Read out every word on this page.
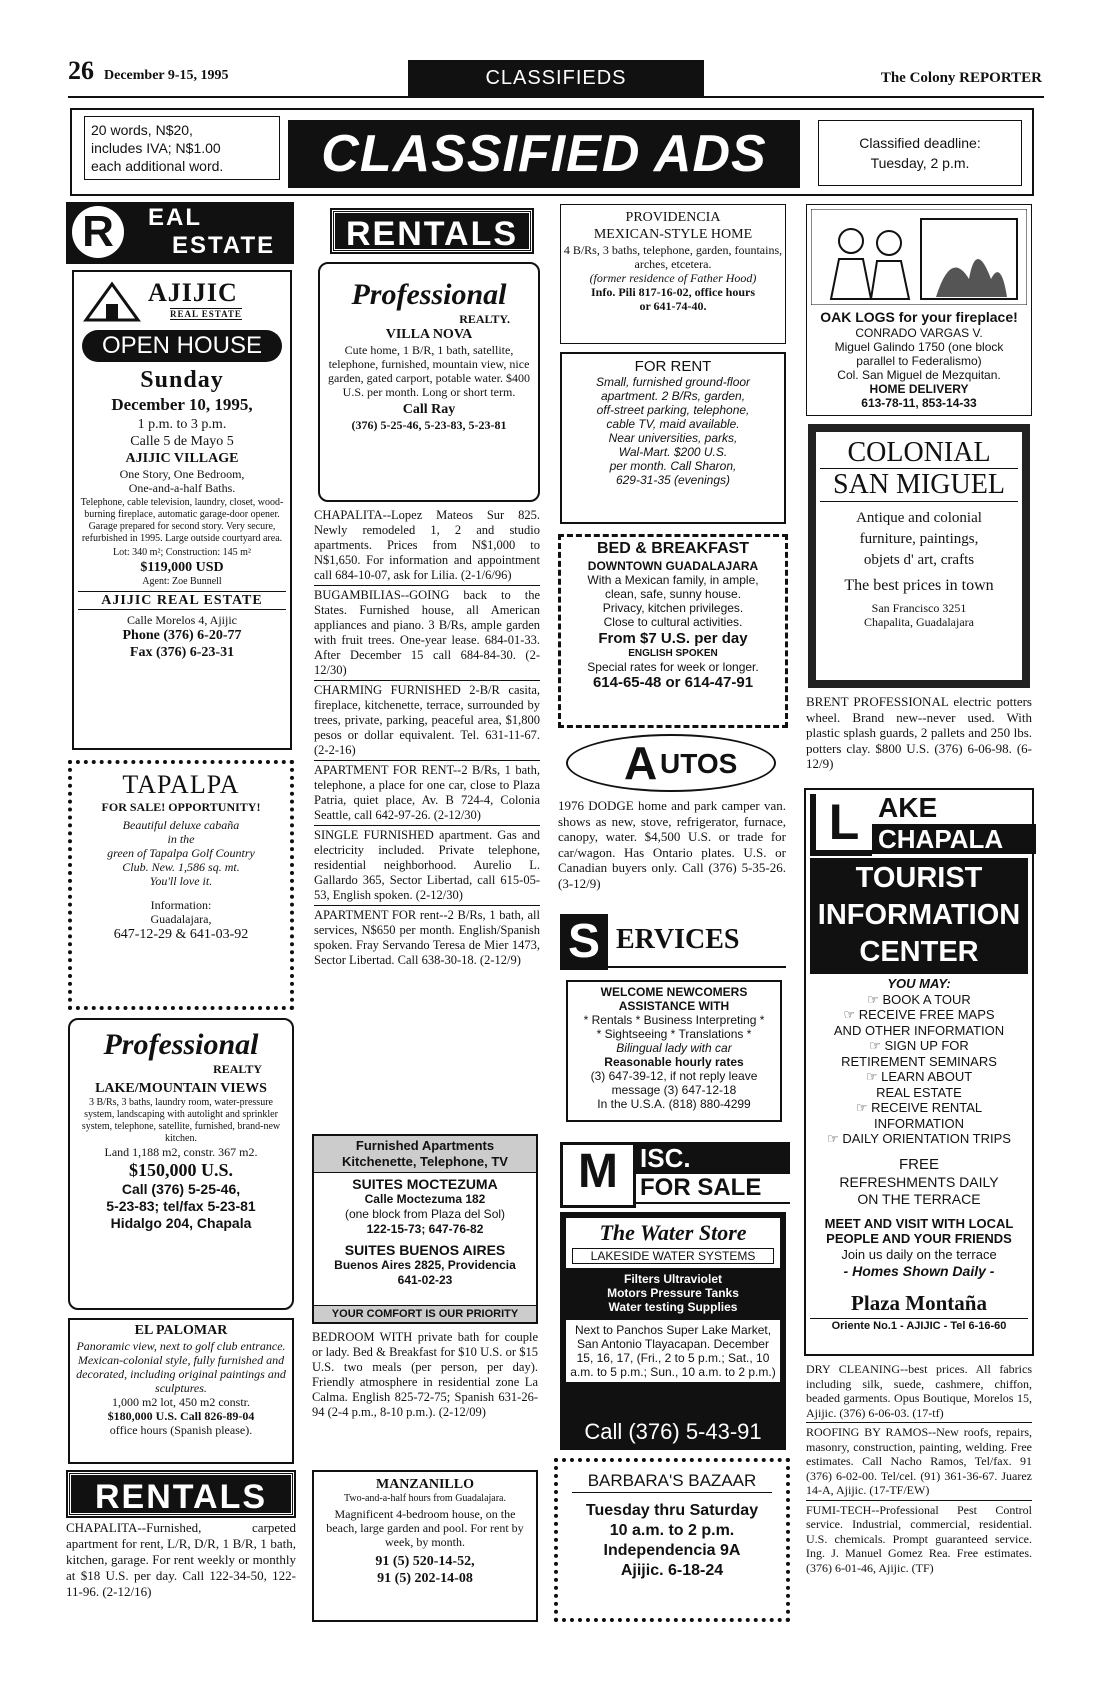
26 December 9-15, 1995	CLASSIFIEDS	The Colony REPORTER
20 words, N$20,
includes IVA; N$1.00
each additional word.	CLASSIFIED ADS	Classified deadline:
Tuesday, 2 p.m.
R	EAL
ESTATE
AJIJIC
REAL ESTATE
OPEN HOUSE
Sunday
December 10, 1995,
1 p.m. to 3 p.m.
Calle 5 de Mayo 5
AJIJIC VILLAGE
One Story, One Bedroom,
One-and-a-half Baths.
Telephone, cable television, laundry, closet, wood-burning fireplace, automatic garage-door opener. Garage prepared for second story. Very secure, refurbished in 1995. Large outside courtyard area.
Lot: 340 m²; Construction: 145 m²
$119,000 USD
Agent: Zoe Bunnell
AJIJIC REAL ESTATE
Calle Morelos 4, Ajijic
Phone (376) 6-20-77
Fax (376) 6-23-31
TAPALPA
FOR SALE! OPPORTUNITY!
Beautiful deluxe cabaña
in the
green of Tapalpa Golf Country
Club. New. 1,586 sq. mt.
You'll love it.
Information:
Guadalajara,
647-12-29 & 641-03-92
Professional
REALTY
LAKE/MOUNTAIN VIEWS
3 B/Rs, 3 baths, laundry room, water-pressure system, landscaping with autolight and sprinkler system, telephone, satellite, furnished, brand-new kitchen.
Land 1,188 m2, constr. 367 m2.
$150,000 U.S.
Call (376) 5-25-46,
5-23-83; tel/fax 5-23-81
Hidalgo 204, Chapala
EL PALOMAR
Panoramic view, next to golf club entrance. Mexican-colonial style, fully furnished and decorated, including original paintings and sculptures.
1,000 m2 lot, 450 m2 constr.
$180,000 U.S. Call 826-89-04
office hours (Spanish please).
RENTALS
CHAPALITA--Furnished, carpeted apartment for rent, L/R, D/R, 1 B/R, 1 bath, kitchen, garage. For rent weekly or monthly at $18 U.S. per day. Call 122-34-50, 122-11-96. (2-12/16)
RENTALS
Professional
REALTY.
VILLA NOVA
Cute home, 1 B/R, 1 bath, satellite, telephone, furnished, mountain view, nice garden, gated carport, potable water. $400 U.S. per month. Long or short term.
Call Ray
(376) 5-25-46, 5-23-83, 5-23-81

CHAPALITA--Lopez Mateos Sur 825. Newly remodeled 1, 2 and studio apartments. Prices from N$1,000 to N$1,650. For information and appointment call 684-10-07, ask for Lilia. (2-1/6/96)

BUGAMBILIAS--GOING back to the States. Furnished house, all American appliances and piano. 3 B/Rs, ample garden with fruit trees. One-year lease. 684-01-33. After December 15 call 684-84-30. (2-12/30)

CHARMING FURNISHED 2-B/R casita, fireplace, kitchenette, terrace, surrounded by trees, private, parking, peaceful area, $1,800 pesos or dollar equivalent. Tel. 631-11-67. (2-2-16)

APARTMENT FOR RENT--2 B/Rs, 1 bath, telephone, a place for one car, close to Plaza Patria, quiet place, Av. B 724-4, Colonia Seattle, call 642-97-26. (2-12/30)

SINGLE FURNISHED apartment. Gas and electricity included. Private telephone, residential neighborhood. Aurelio L. Gallardo 365, Sector Libertad, call 615-05-53, English spoken. (2-12/30)

APARTMENT FOR rent--2 B/Rs, 1 bath, all services, N$650 per month. English/Spanish spoken. Fray Servando Teresa de Mier 1473, Sector Libertad. Call 638-30-18. (2-12/9)

Furnished Apartments
Kitchenette, Telephone, TV
SUITES MOCTEZUMA
Calle Moctezuma 182
(one block from Plaza del Sol)
122-15-73; 647-76-82
SUITES BUENOS AIRES
Buenos Aires 2825, Providencia
641-02-23
YOUR COMFORT IS OUR PRIORITY
BEDROOM WITH private bath for couple or lady. Bed & Breakfast for $10 U.S. or $15 U.S. two meals (per person, per day). Friendly atmosphere in residential zone La Calma. English 825-72-75; Spanish 631-26-94 (2-4 p.m., 8-10 p.m.). (2-12/09)
MANZANILLO
Two-and-a-half hours from Guadalajara.
Magnificent 4-bedroom house, on the beach, large garden and pool. For rent by week, by month.
91 (5) 520-14-52,
91 (5) 202-14-08
PROVIDENCIA
MEXICAN-STYLE HOME
4 B/Rs, 3 baths, telephone, garden, fountains, arches, etcetera.
(former residence of Father Hood)
Info. Pili 817-16-02, office hours
or 641-74-40.
FOR RENT
Small, furnished ground-floor
apartment. 2 B/Rs, garden,
off-street parking, telephone,
cable TV, maid available.
Near universities, parks,
Wal-Mart. $200 U.S.
per month. Call Sharon,
629-31-35 (evenings)
BED & BREAKFAST
DOWNTOWN GUADALAJARA
With a Mexican family, in ample,
clean, safe, sunny house.
Privacy, kitchen privileges.
Close to cultural activities.
From $7 U.S. per day
ENGLISH SPOKEN
Special rates for week or longer.
614-65-48 or 614-47-91
A UTOS
1976 DODGE home and park camper van. shows as new, stove, refrigerator, furnace, canopy, water. $4,500 U.S. or trade for car/wagon. Has Ontario plates. U.S. or Canadian buyers only. Call (376) 5-35-26. (3-12/9)
S ERVICES
WELCOME NEWCOMERS
ASSISTANCE WITH
* Rentals * Business Interpreting *
* Sightseeing * Translations *
Bilingual lady with car
Reasonable hourly rates
(3) 647-39-12, if not reply leave
message (3) 647-12-18
In the U.S.A. (818) 880-4299
M ISC.
FOR SALE
The Water Store
LAKESIDE WATER SYSTEMS
Filters Ultraviolet
Motors Pressure Tanks
Water testing Supplies
Next to Panchos Super Lake Market, San Antonio Tlayacapan. December 15, 16, 17, (Fri., 2 to 5 p.m.; Sat., 10 a.m. to 5 p.m.; Sun., 10 a.m. to 2 p.m.)
Call (376) 5-43-91
BARBARA'S BAZAAR
Tuesday thru Saturday
10 a.m. to 2 p.m.
Independencia 9A
Ajijic. 6-18-24
OAK LOGS for your fireplace!
CONRADO VARGAS V.
Miguel Galindo 1750 (one block
parallel to Federalismo)
Col. San Miguel de Mezquitan.
HOME DELIVERY
613-78-11, 853-14-33
COLONIAL
SAN MIGUEL
Antique and colonial
furniture, paintings,
objets d' art, crafts
The best prices in town
San Francisco 3251
Chapalita, Guadalajara
BRENT PROFESSIONAL electric potters wheel. Brand new--never used. With plastic splash guards, 2 pallets and 250 lbs. potters clay. $800 U.S. (376) 6-06-98. (6-12/9)
L AKE
CHAPALA
TOURIST
INFORMATION
CENTER
YOU MAY:
☞ BOOK A TOUR
☞ RECEIVE FREE MAPS
AND OTHER INFORMATION
☞ SIGN UP FOR
RETIREMENT SEMINARS
☞ LEARN ABOUT
REAL ESTATE
☞ RECEIVE RENTAL
INFORMATION
☞ DAILY ORIENTATION TRIPS
FREE
REFRESHMENTS DAILY
ON THE TERRACE
MEET AND VISIT WITH LOCAL
PEOPLE AND YOUR FRIENDS
Join us daily on the terrace
- Homes Shown Daily -
Plaza Montaña
Oriente No.1 - AJIJIC - Tel 6-16-60

DRY CLEANING--best prices. All fabrics including silk, suede, cashmere, chiffon, beaded garments. Opus Boutique, Morelos 15, Ajijic. (376) 6-06-03. (17-tf)

ROOFING BY RAMOS--New roofs, repairs, masonry, construction, painting, welding. Free estimates. Call Nacho Ramos, Tel/fax. 91 (376) 6-02-00. Tel/cel. (91) 361-36-67. Juarez 14-A, Ajijic. (17-TF/EW)

FUMI-TECH--Professional Pest Control service. Industrial, commercial, residential. U.S. chemicals. Prompt guaranteed service. Ing. J. Manuel Gomez Rea. Free estimates. (376) 6-01-46, Ajijic. (TF)
